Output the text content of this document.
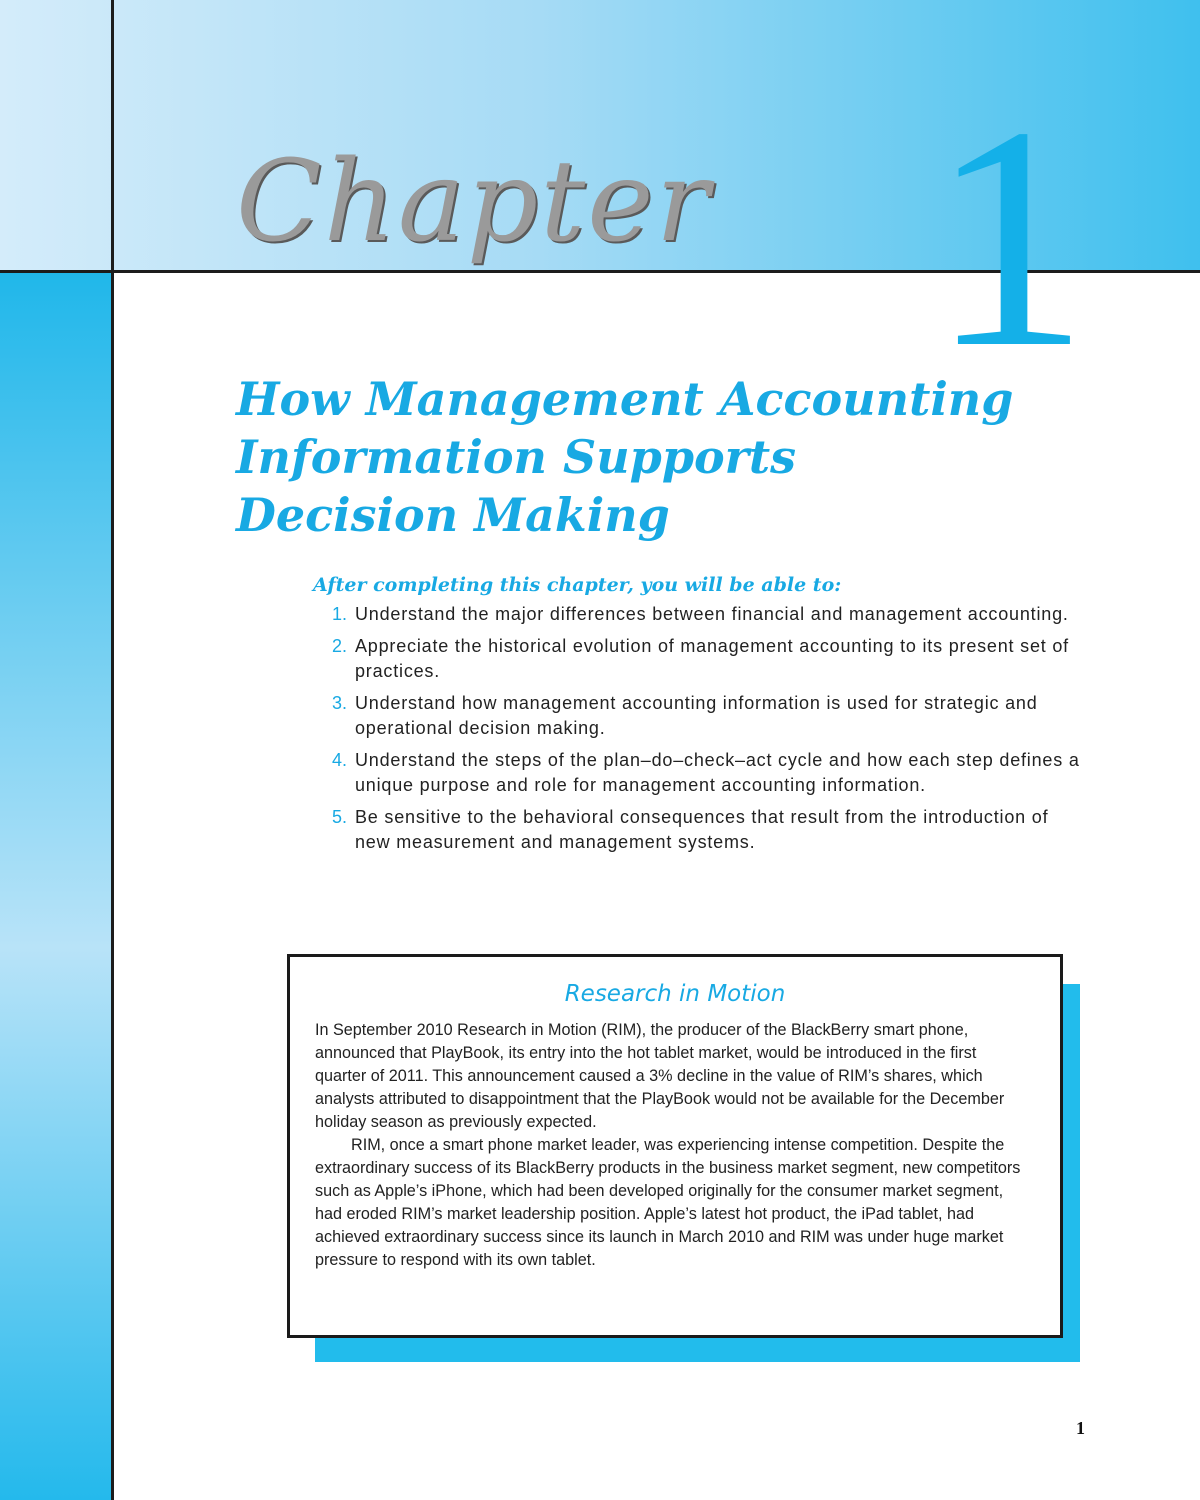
Chapter 1
How Management Accounting
Information Supports
Decision Making
After completing this chapter, you will be able to:
1. Understand the major differences between financial and management accounting.
2. Appreciate the historical evolution of management accounting to its present set of practices.
3. Understand how management accounting information is used for strategic and operational decision making.
4. Understand the steps of the plan–do–check–act cycle and how each step defines a unique purpose and role for management accounting information.
5. Be sensitive to the behavioral consequences that result from the introduction of new measurement and management systems.
Research in Motion

In September 2010 Research in Motion (RIM), the producer of the BlackBerry smart phone, announced that PlayBook, its entry into the hot tablet market, would be introduced in the first quarter of 2011. This announcement caused a 3% decline in the value of RIM’s shares, which analysts attributed to disappointment that the PlayBook would not be available for the December holiday season as previously expected.

RIM, once a smart phone market leader, was experiencing intense competition. Despite the extraordinary success of its BlackBerry products in the business market segment, new competitors such as Apple’s iPhone, which had been developed originally for the consumer market segment, had eroded RIM’s market leadership position. Apple’s latest hot product, the iPad tablet, had achieved extraordinary success since its launch in March 2010 and RIM was under huge market pressure to respond with its own tablet.

1
